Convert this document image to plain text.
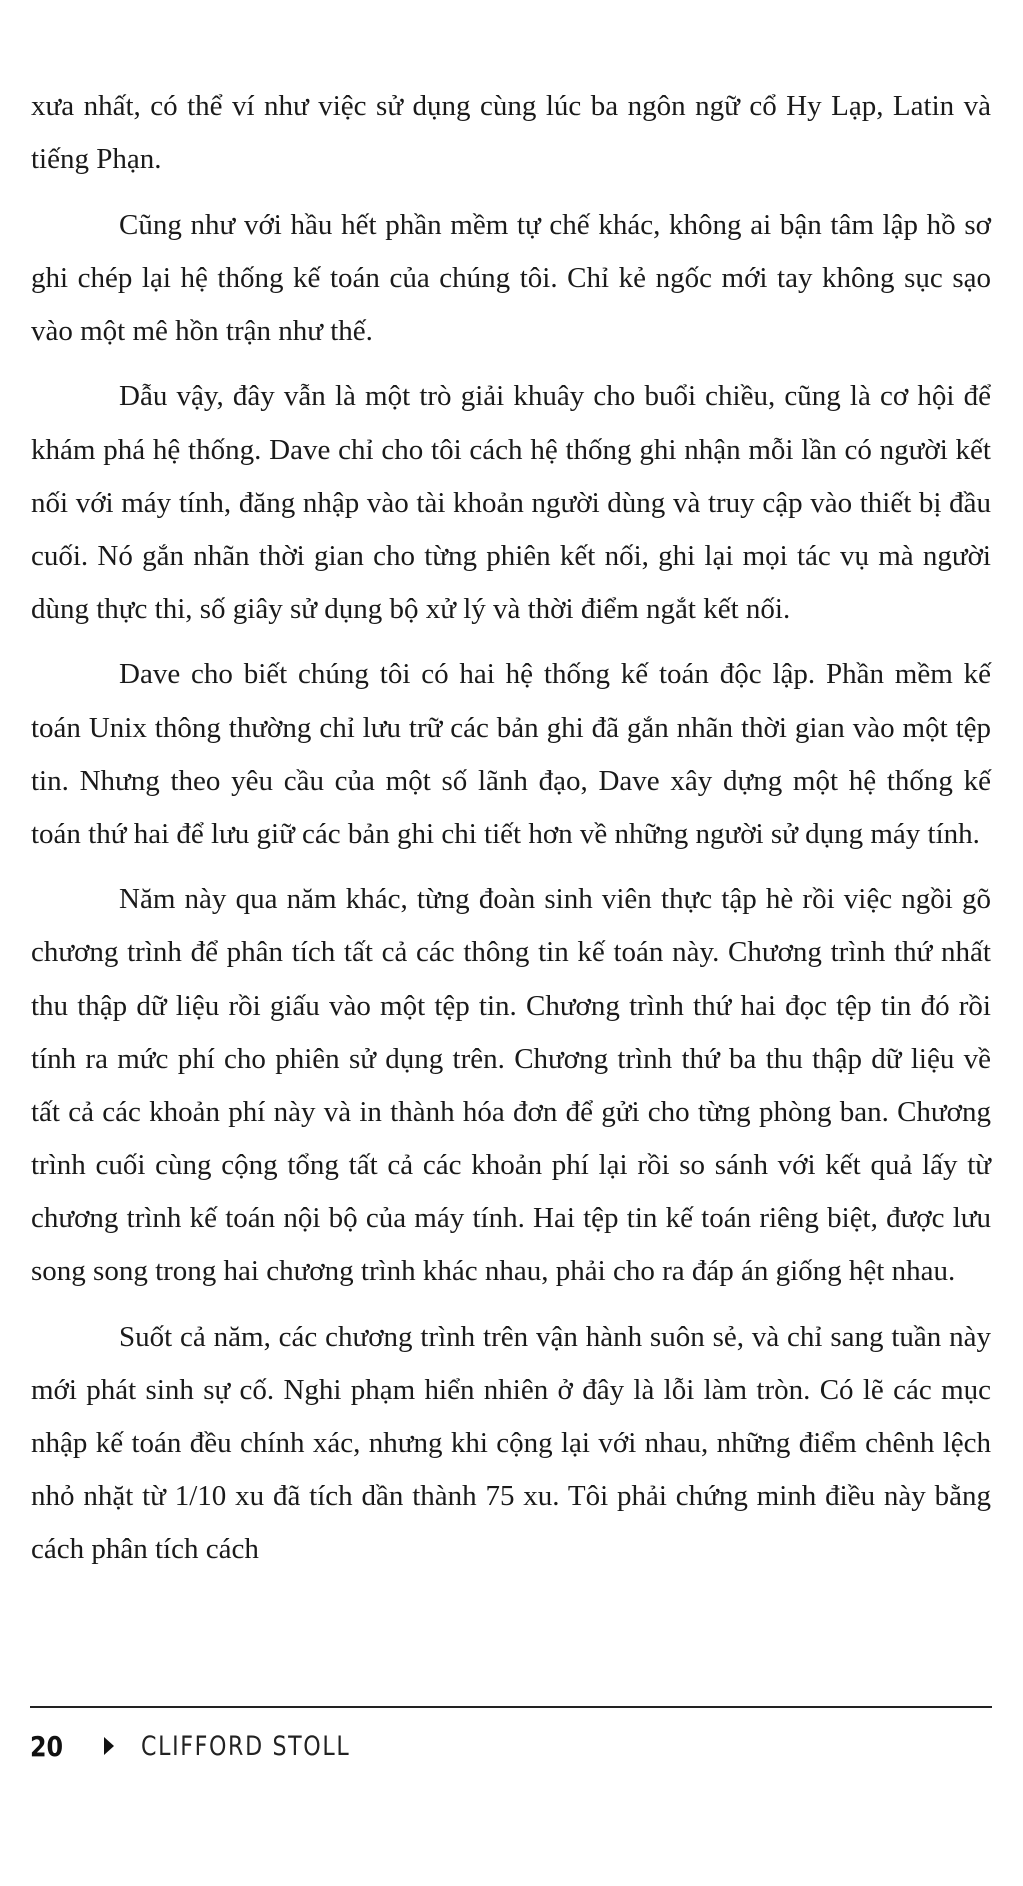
xưa nhất, có thể ví như việc sử dụng cùng lúc ba ngôn ngữ cổ Hy Lạp, Latin và tiếng Phạn.

Cũng như với hầu hết phần mềm tự chế khác, không ai bận tâm lập hồ sơ ghi chép lại hệ thống kế toán của chúng tôi. Chỉ kẻ ngốc mới tay không sục sạo vào một mê hồn trận như thế.

Dẫu vậy, đây vẫn là một trò giải khuây cho buổi chiều, cũng là cơ hội để khám phá hệ thống. Dave chỉ cho tôi cách hệ thống ghi nhận mỗi lần có người kết nối với máy tính, đăng nhập vào tài khoản người dùng và truy cập vào thiết bị đầu cuối. Nó gắn nhãn thời gian cho từng phiên kết nối, ghi lại mọi tác vụ mà người dùng thực thi, số giây sử dụng bộ xử lý và thời điểm ngắt kết nối.

Dave cho biết chúng tôi có hai hệ thống kế toán độc lập. Phần mềm kế toán Unix thông thường chỉ lưu trữ các bản ghi đã gắn nhãn thời gian vào một tệp tin. Nhưng theo yêu cầu của một số lãnh đạo, Dave xây dựng một hệ thống kế toán thứ hai để lưu giữ các bản ghi chi tiết hơn về những người sử dụng máy tính.

Năm này qua năm khác, từng đoàn sinh viên thực tập hè rồi việc ngồi gõ chương trình để phân tích tất cả các thông tin kế toán này. Chương trình thứ nhất thu thập dữ liệu rồi giấu vào một tệp tin. Chương trình thứ hai đọc tệp tin đó rồi tính ra mức phí cho phiên sử dụng trên. Chương trình thứ ba thu thập dữ liệu về tất cả các khoản phí này và in thành hóa đơn để gửi cho từng phòng ban. Chương trình cuối cùng cộng tổng tất cả các khoản phí lại rồi so sánh với kết quả lấy từ chương trình kế toán nội bộ của máy tính. Hai tệp tin kế toán riêng biệt, được lưu song song trong hai chương trình khác nhau, phải cho ra đáp án giống hệt nhau.

Suốt cả năm, các chương trình trên vận hành suôn sẻ, và chỉ sang tuần này mới phát sinh sự cố. Nghi phạm hiển nhiên ở đây là lỗi làm tròn. Có lẽ các mục nhập kế toán đều chính xác, nhưng khi cộng lại với nhau, những điểm chênh lệch nhỏ nhặt từ 1/10 xu đã tích dần thành 75 xu. Tôi phải chứng minh điều này bằng cách phân tích cách

20	CLIFFORD STOLL
